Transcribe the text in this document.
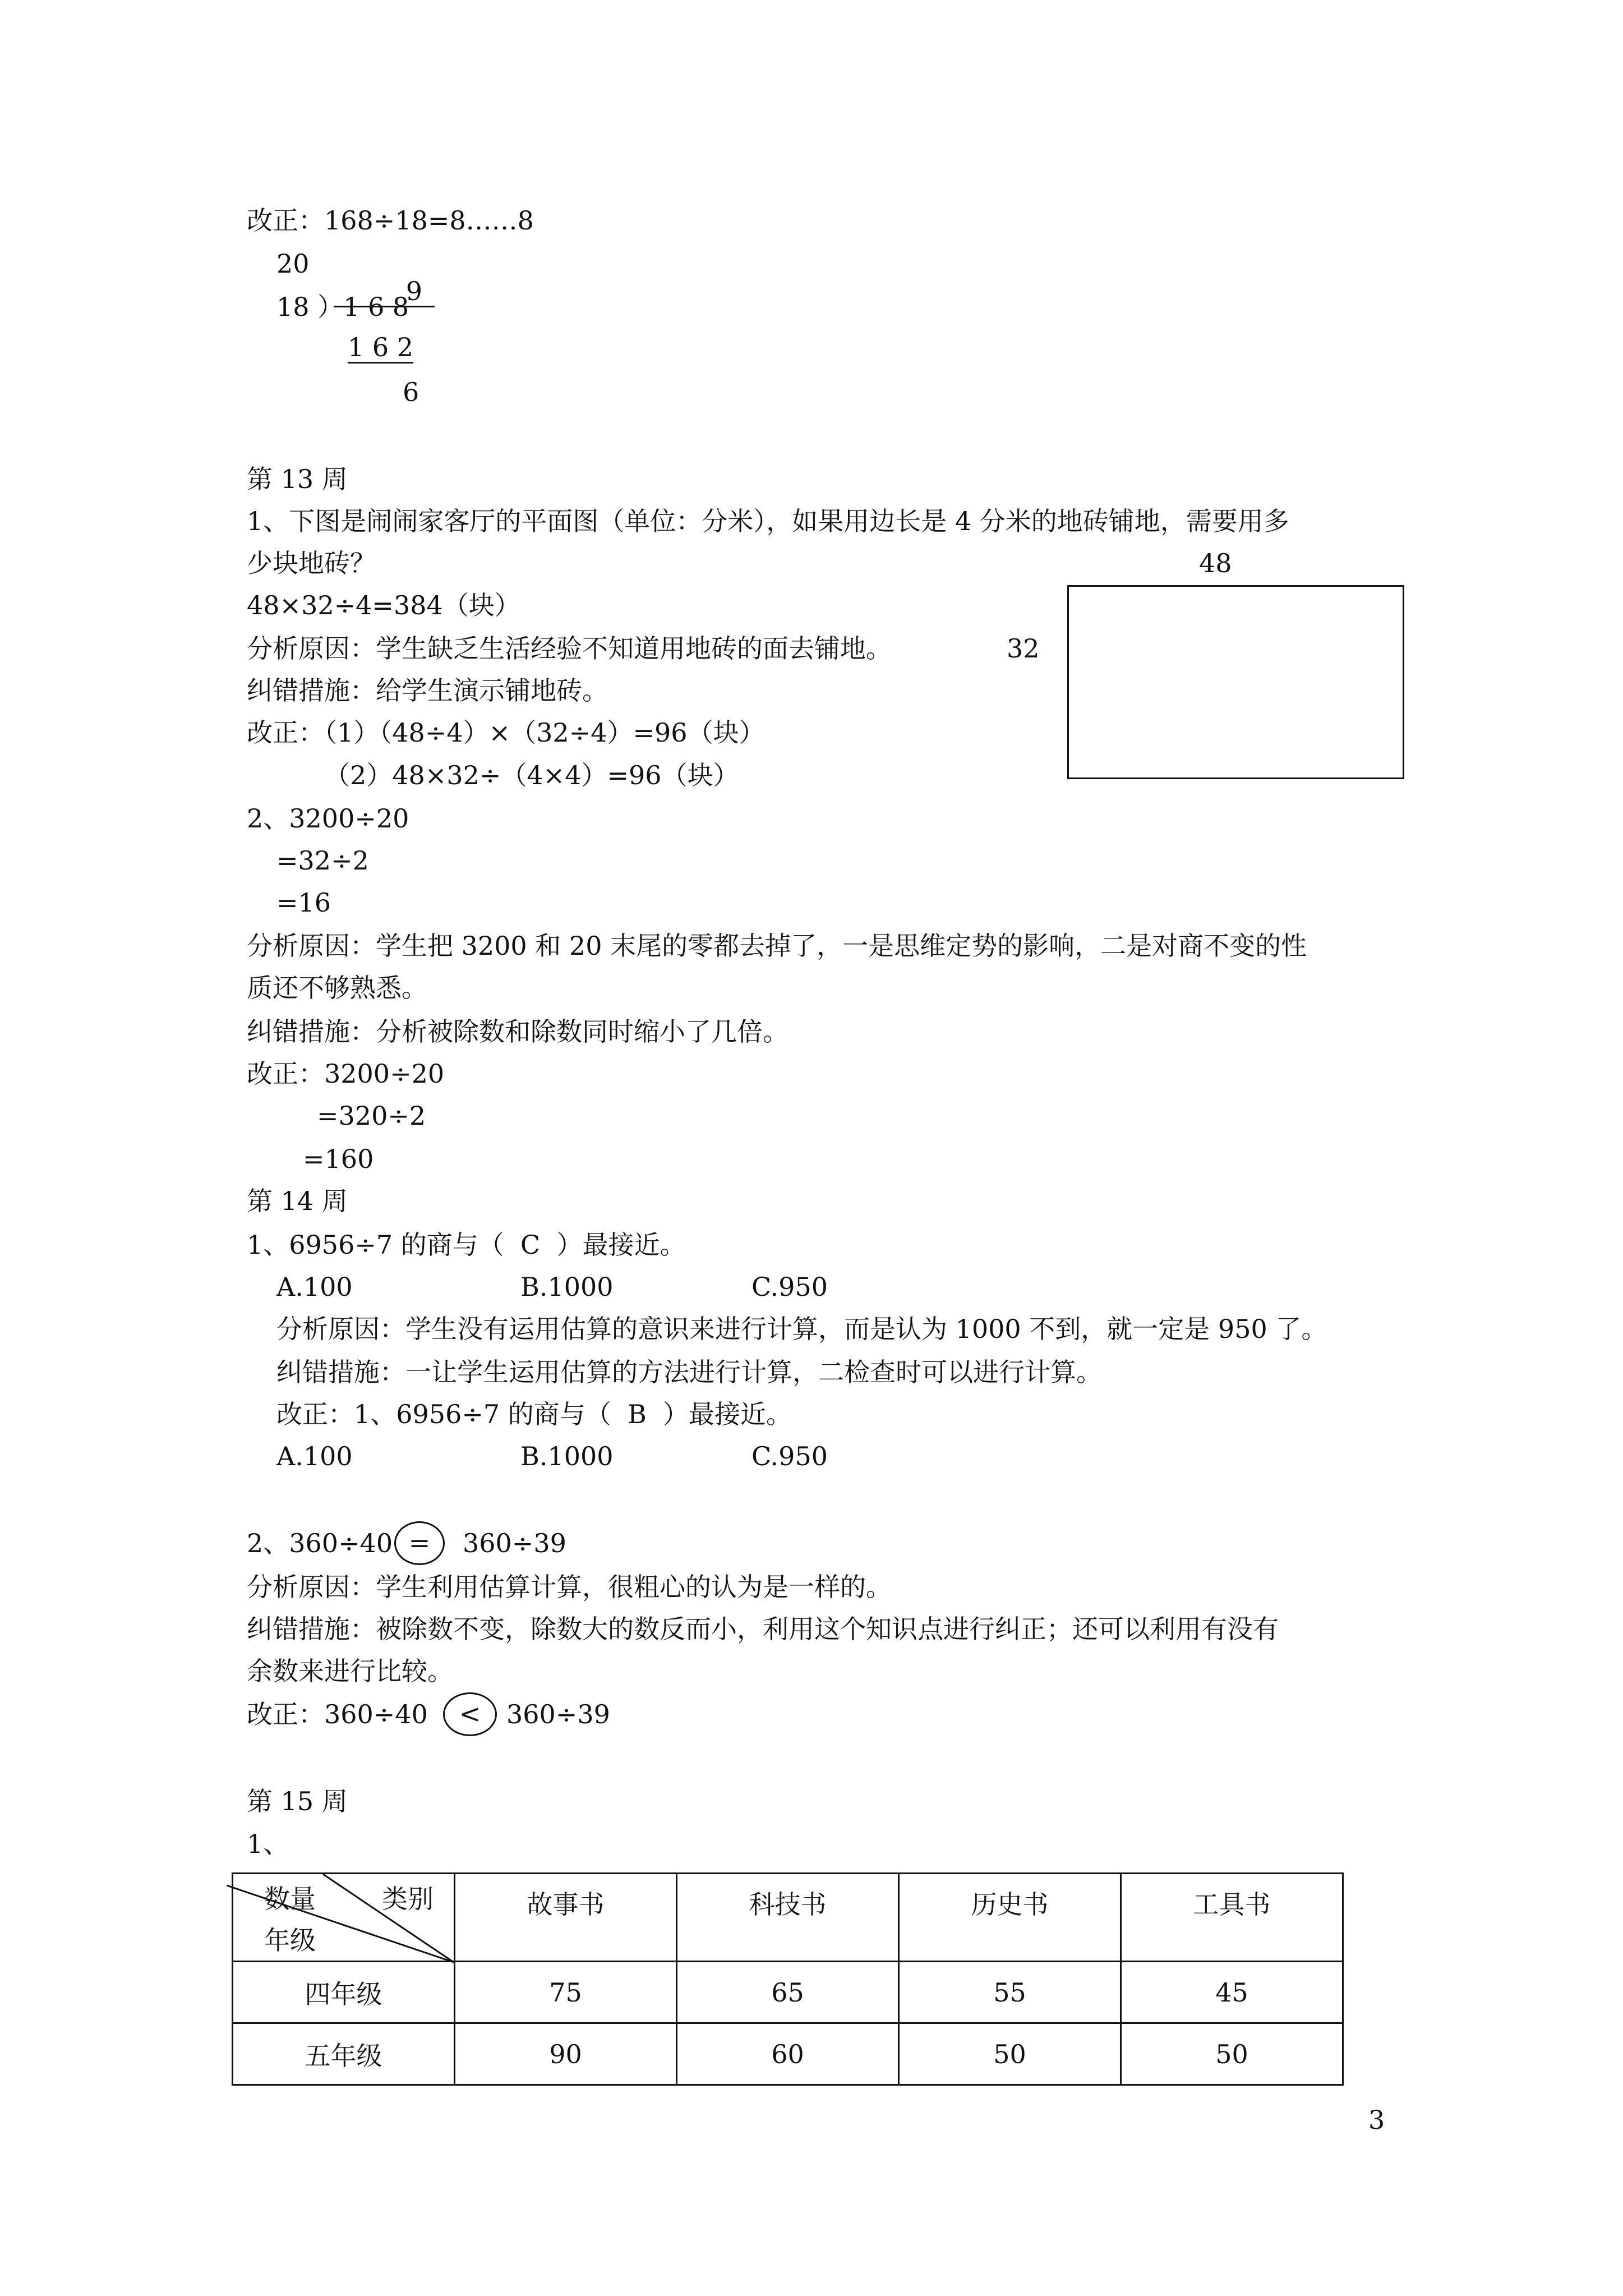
改正：168÷18=8……8
20

9

18 ）1 6 8
1 6 2
6
第 13 周
1、下图是闹闹家客厅的平面图（单位：分米），如果用边长是 4 分米的地砖铺地，需要用多
少块地砖？	48
48×32÷4=384（块）
分析原因：学生缺乏生活经验不知道用地砖的面去铺地。	32
纠错措施：给学生演示铺地砖。
改正：（1）（48÷4）×（32÷4）=96（块）
（2）48×32÷（4×4）=96（块）
2、3200÷20
=32÷2
=16
分析原因：学生把 3200 和 20 末尾的零都去掉了，一是思维定势的影响，二是对商不变的性
质还不够熟悉。
纠错措施：分析被除数和除数同时缩小了几倍。
改正：3200÷20
=320÷2
=160
第 14 周
1、6956÷7 的商与（  C  ）最接近。
A.100	B.1000	C.950
分析原因：学生没有运用估算的意识来进行计算，而是认为 1000 不到，就一定是 950 了。
纠错措施：一让学生运用估算的方法进行计算，二检查时可以进行计算。
改正：1、6956÷7 的商与（  B  ）最接近。
A.100	B.1000	C.950
2、360÷40 =	360÷39
分析原因：学生利用估算计算，很粗心的认为是一样的。
纠错措施：被除数不变，除数大的数反而小，利用这个知识点进行纠正；还可以利用有没有
余数来进行比较。
改正：360÷40	< 360÷39
第 15 周
1、
数量 类别
年级	故事书	科技书	历史书	工具书
四年级	75	65	55	45
五年级	90	60	50	50
3
